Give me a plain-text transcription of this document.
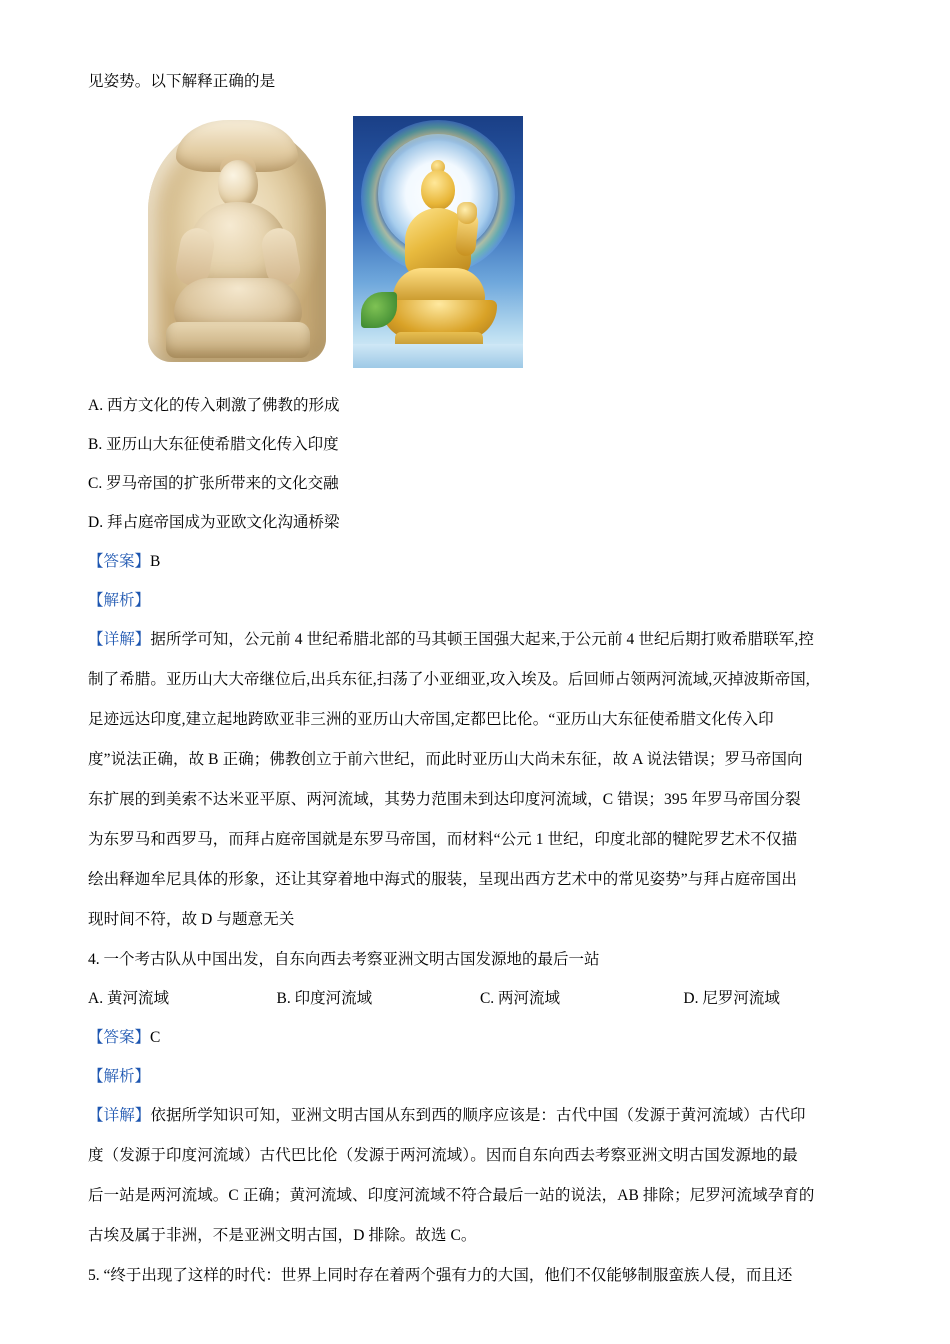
见姿势。以下解释正确的是
A. 西方文化的传入刺激了佛教的形成
B. 亚历山大东征使希腊文化传入印度
C. 罗马帝国的扩张所带来的文化交融
D. 拜占庭帝国成为亚欧文化沟通桥梁
【答案】B
【解析】
【详解】据所学可知，公元前 4 世纪希腊北部的马其顿王国强大起来,于公元前 4 世纪后期打败希腊联军,控
制了希腊。亚历山大大帝继位后,出兵东征,扫荡了小亚细亚,攻入埃及。后回师占领两河流域,灭掉波斯帝国,
足迹远达印度,建立起地跨欧亚非三洲的亚历山大帝国,定都巴比伦。“亚历山大东征使希腊文化传入印
度”说法正确，故 B 正确；佛教创立于前六世纪，而此时亚历山大尚未东征，故 A 说法错误；罗马帝国向
东扩展的到美索不达米亚平原、两河流域，其势力范围未到达印度河流域，C 错误；395 年罗马帝国分裂
为东罗马和西罗马，而拜占庭帝国就是东罗马帝国，而材料“公元 1 世纪，印度北部的犍陀罗艺术不仅描
绘出释迦牟尼具体的形象，还让其穿着地中海式的服装，呈现出西方艺术中的常见姿势”与拜占庭帝国出
现时间不符，故 D 与题意无关
4. 一个考古队从中国出发，自东向西去考察亚洲文明古国发源地的最后一站
A. 黄河流域	B. 印度河流域	C. 两河流域	D. 尼罗河流域
【答案】C
【解析】
【详解】依据所学知识可知，亚洲文明古国从东到西的顺序应该是：古代中国（发源于黄河流域）古代印
度（发源于印度河流域）古代巴比伦（发源于两河流域）。因而自东向西去考察亚洲文明古国发源地的最
后一站是两河流域。C 正确；黄河流域、印度河流域不符合最后一站的说法，AB 排除；尼罗河流域孕育的
古埃及属于非洲，不是亚洲文明古国，D 排除。故选 C。
5. “终于出现了这样的时代：世界上同时存在着两个强有力的大国，他们不仅能够制服蛮族人侵，而且还
